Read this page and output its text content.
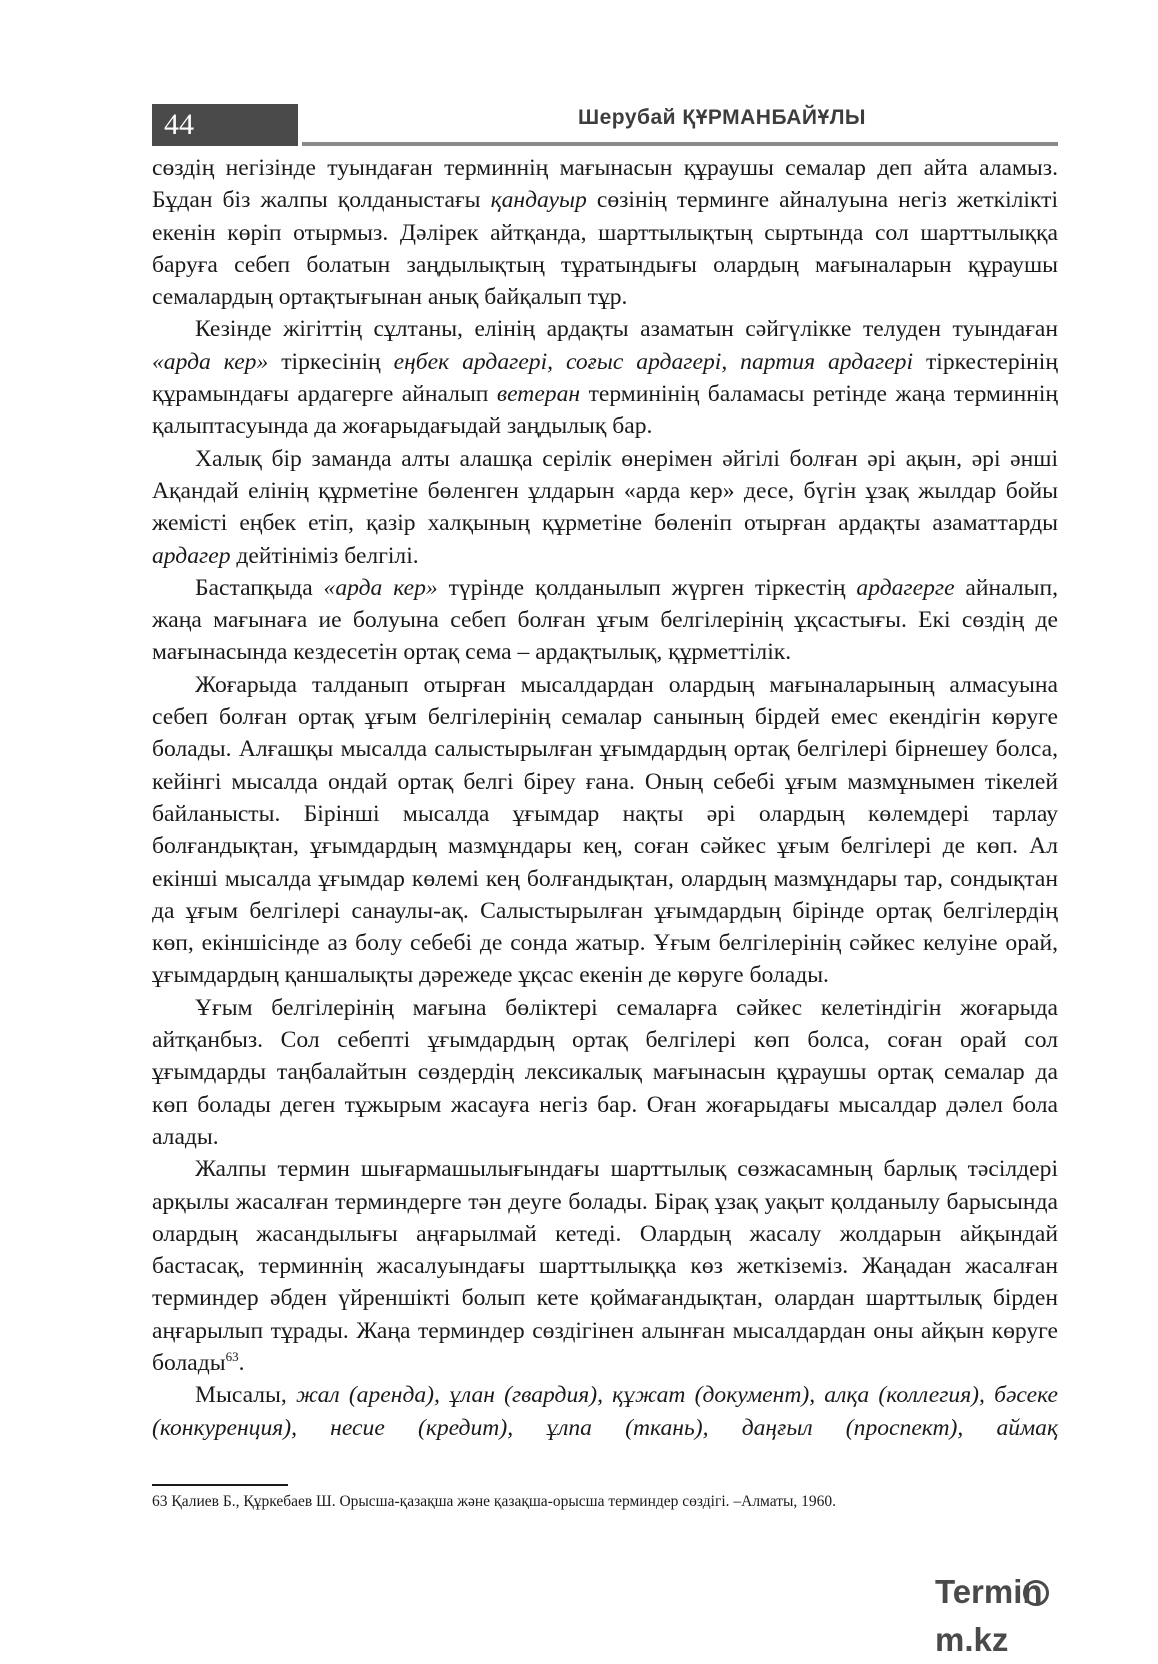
44	Шерубай ҚҰРМАНБАЙҰЛЫ

сөздің негізінде туындаған терминнің мағынасын құраушы семалар деп айта аламыз. Бұдан біз жалпы қолданыстағы қандауыр сөзінің терминге айналуына негіз жеткілікті екенін көріп отырмыз. Дәлірек айтқанда, шарттылықтың сыртында сол шарттылыққа баруға себеп болатын заңдылықтың тұратындығы олардың мағыналарын құраушы семалардың ортақтығынан анық байқалып тұр.

Кезінде жігіттің сұлтаны, елінің ардақты азаматын сәйгүлікке телуден туындаған «арда кер» тіркесінің еңбек ардагері, соғыс ардагері, партия ардагері тіркестерінің құрамындағы ардагерге айналып ветеран терминінің баламасы ретінде жаңа терминнің қалыптасуында да жоғарыдағыдай заңдылық бар.

Халық бір заманда алты алашқа серілік өнерімен әйгілі болған әрі ақын, әрі әнші Ақандай елінің құрметіне бөленген ұлдарын «арда кер» десе, бүгін ұзақ жылдар бойы жемісті еңбек етіп, қазір халқының құрметіне бөленіп отырған ардақты азаматтарды ардагер дейтініміз белгілі.

Бастапқыда «арда кер» түрінде қолданылып жүрген тіркестің ардагерге айналып, жаңа мағынаға ие болуына себеп болған ұғым белгілерінің ұқсастығы. Екі сөздің де мағынасында кездесетін ортақ сема – ардақтылық, құрметтілік.

Жоғарыда талданып отырған мысалдардан олардың мағыналарының алмасуына себеп болған ортақ ұғым белгілерінің семалар санының бірдей емес екендігін көруге болады. Алғашқы мысалда салыстырылған ұғымдардың ортақ белгілері бірнешеу болса, кейінгі мысалда ондай ортақ белгі біреу ғана. Оның себебі ұғым мазмұнымен тікелей байланысты. Бірінші мысалда ұғымдар нақты әрі олардың көлемдері тарлау болғандықтан, ұғымдардың мазмұндары кең, соған сәйкес ұғым белгілері де көп. Ал екінші мысалда ұғымдар көлемі кең болғандықтан, олардың мазмұндары тар, сондықтан да ұғым белгілері санаулы-ақ. Салыстырылған ұғымдардың бірінде ортақ белгілердің көп, екіншісінде аз болу себебі де сонда жатыр. Ұғым белгілерінің сәйкес келуіне орай, ұғымдардың қаншалықты дәрежеде ұқсас екенін де көруге болады.

Ұғым белгілерінің мағына бөліктері семаларға сәйкес келетіндігін жоғарыда айтқанбыз. Сол себепті ұғымдардың ортақ белгілері көп болса, соған орай сол ұғымдарды таңбалайтын сөздердің лексикалық мағынасын құраушы ортақ семалар да көп болады деген тұжырым жасауға негіз бар. Оған жоғарыдағы мысалдар дәлел бола алады.

Жалпы термин шығармашылығындағы шарттылық сөзжасамның барлық тәсілдері арқылы жасалған терминдерге тән деуге болады. Бірақ ұзақ уақыт қолданылу барысында олардың жасандылығы аңғарылмай кетеді. Олардың жасалу жолдарын айқындай бастасақ, терминнің жасалуындағы шарттылыққа көз жеткіземіз. Жаңадан жасалған терминдер әбден үйреншікті болып кете қоймағандықтан, олардан шарттылық бірден аңғарылып тұрады. Жаңа терминдер сөздігінен алынған мысалдардан оны айқын көруге болады$^{63}$.

Мысалы, жал (аренда), ұлан (гвардия), құжат (документ), алқа (коллегия), бәсеке (конкуренция), несие (кредит), ұлпа (ткань), даңғыл (проспект), аймақ

63 Қалиев Б., Құркебаев Ш. Орысша-қазақша және қазақша-орысша терминдер сөздігі. –Алматы, 1960.
Terminm.kz
